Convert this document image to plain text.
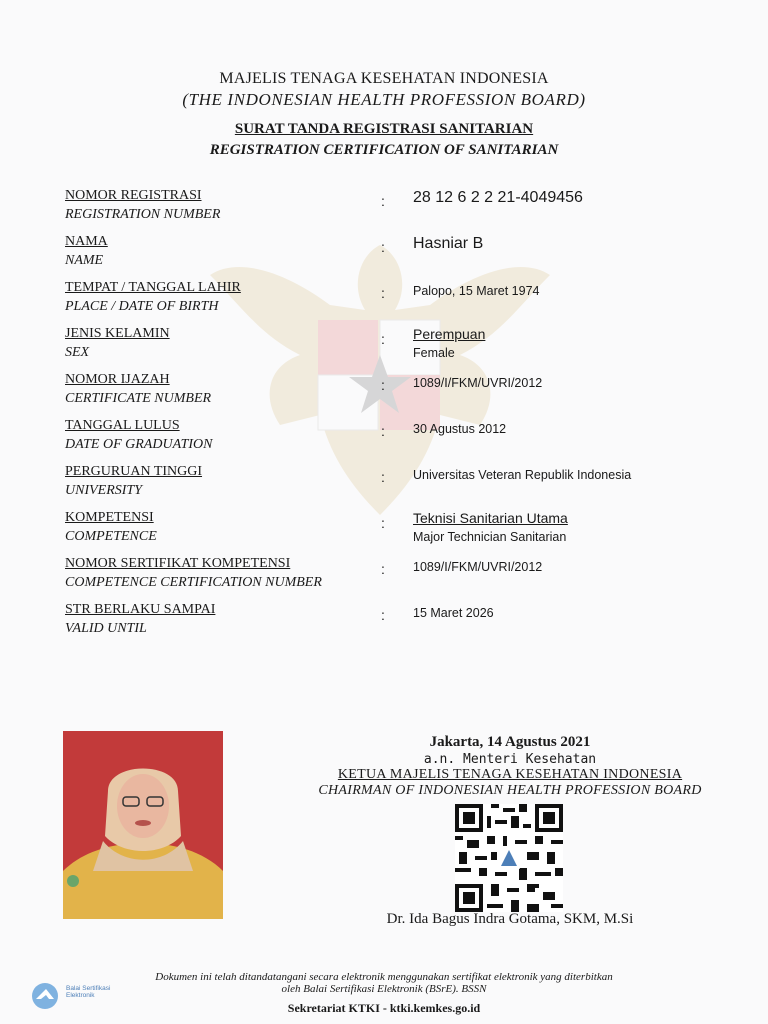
MAJELIS TENAGA KESEHATAN INDONESIA
(THE INDONESIAN HEALTH PROFESSION BOARD)
SURAT TANDA REGISTRASI SANITARIAN
REGISTRATION CERTIFICATION OF SANITARIAN
NOMOR REGISTRASI
REGISTRATION NUMBER
: 28 12 6 2 2 21-4049456
NAMA
NAME
: Hasniar B
TEMPAT / TANGGAL LAHIR
PLACE / DATE OF BIRTH
: Palopo, 15 Maret 1974
JENIS KELAMIN
SEX
: Perempuan
Female
NOMOR IJAZAH
CERTIFICATE NUMBER
: 1089/I/FKM/UVRI/2012
TANGGAL LULUS
DATE OF GRADUATION
: 30 Agustus 2012
PERGURUAN TINGGI
UNIVERSITY
: Universitas Veteran Republik Indonesia
KOMPETENSI
COMPETENCE
: Teknisi Sanitarian Utama
Major Technician Sanitarian
NOMOR SERTIFIKAT KOMPETENSI
COMPETENCE CERTIFICATION NUMBER
: 1089/I/FKM/UVRI/2012
STR BERLAKU SAMPAI
VALID UNTIL
: 15 Maret 2026
Jakarta, 14 Agustus 2021
a.n. Menteri Kesehatan
KETUA MAJELIS TENAGA KESEHATAN INDONESIA
CHAIRMAN OF INDONESIAN HEALTH PROFESSION BOARD
Dr. Ida Bagus Indra Gotama, SKM, M.Si
Balai Sertifikasi Elektronik
Dokumen ini telah ditandatangani secara elektronik menggunakan sertifikat elektronik yang diterbitkan
oleh Balai Sertifikasi Elektronik (BSrE). BSSN
Sekretariat KTKI - ktki.kemkes.go.id
